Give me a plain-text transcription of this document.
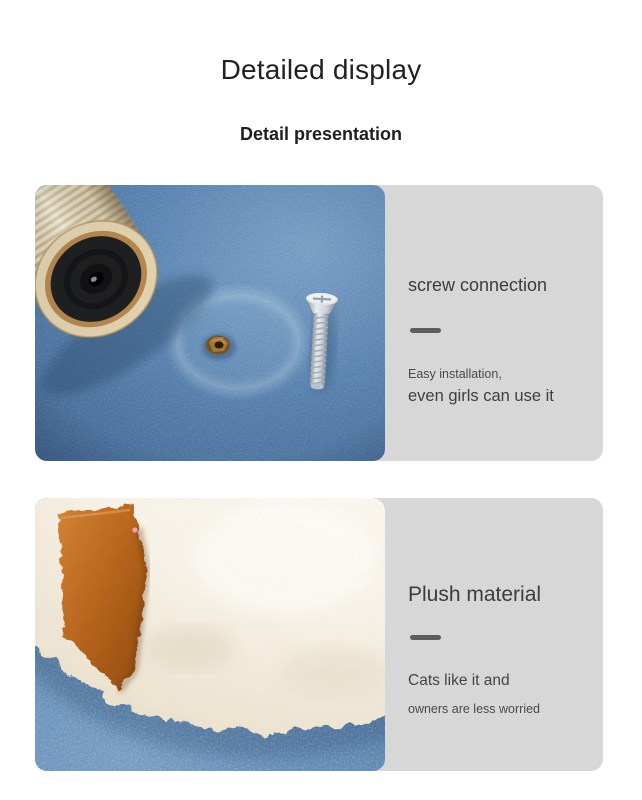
Detailed display
Detail presentation
screw connection
Easy installation,
even girls can use it
Plush material
Cats like it and
owners are less worried
